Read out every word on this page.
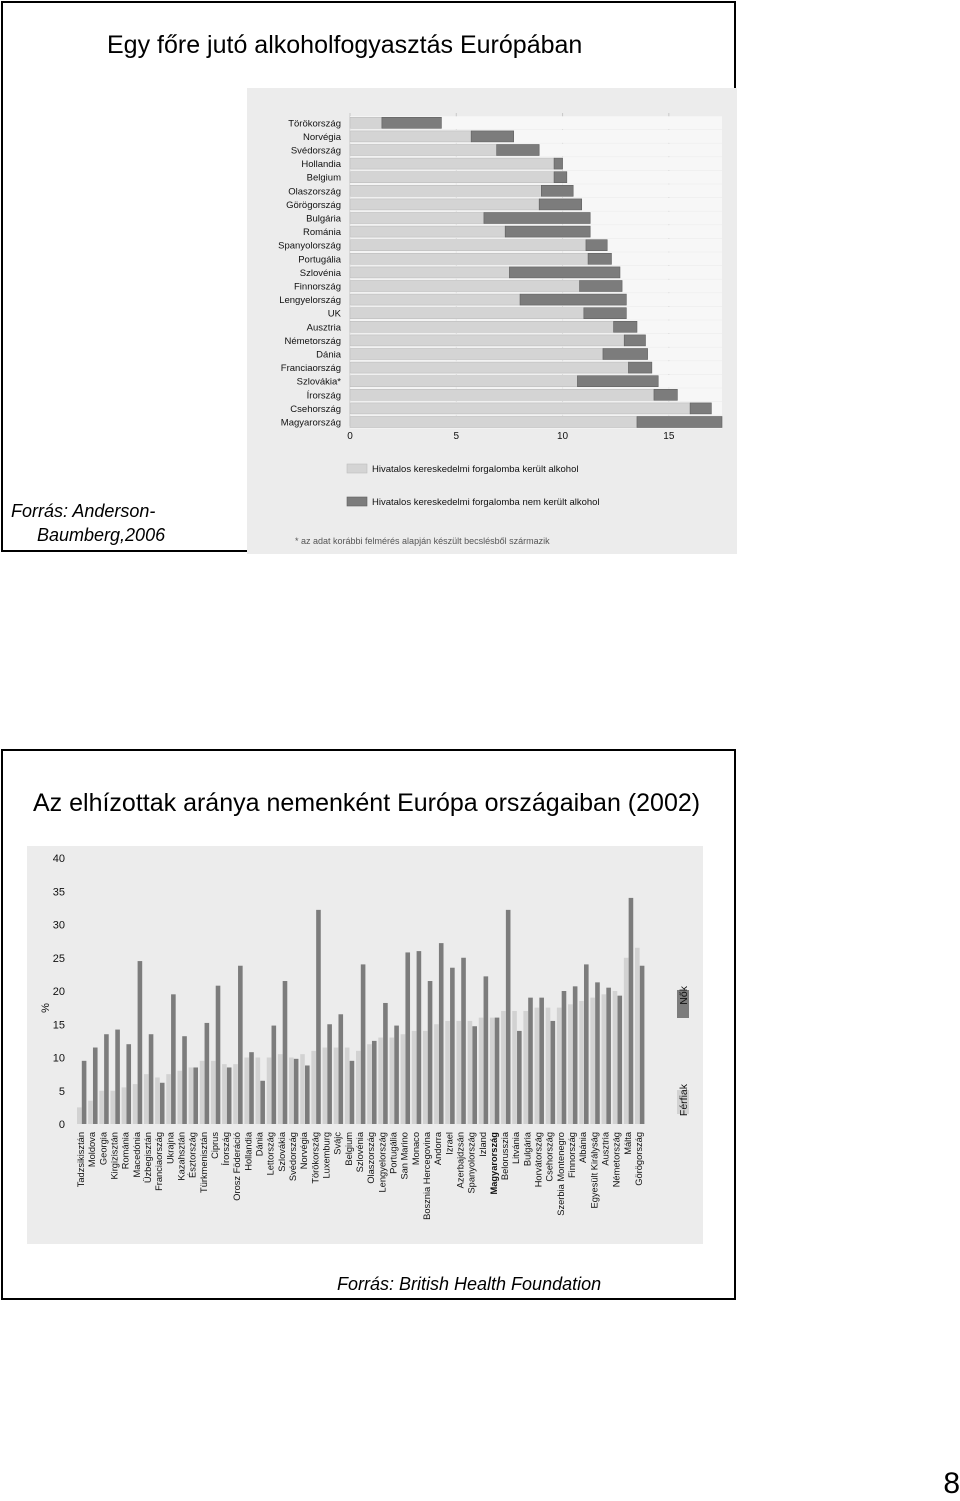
Egy főre jutó alkoholfogyasztás Európában
Törökország
Norvégia
Svédország
Hollandia
Belgium
Olaszország
Görögország
Bulgária
Románia
Spanyolország
Portugália
Szlovénia
Finnország
Lengyelország
UK
Ausztria
Németország
Dánia
Franciaország
Szlovákia*
Írország
Csehország
Magyarország
0	5	10	15
Hivatalos kereskedelmi forgalomba került alkohol
Hivatalos kereskedelmi forgalomba nem került alkohol
* az adat korábbi felmérés alapján készült becslésből származik
Forrás: Anderson-
Baumberg,2006
Az elhízottak aránya nemenként Európa országaiban (2002)
0
5
10
15
20
25
30
35
40
%
Tadzsikisztán Moldova Georgia Kirgizisztán Románia Macedónia Üzbegisztán Franciaország Ukrajna Kazahsztán Észtország Türkmenisztán Ciprus Írország Orosz Föderáció Hollandia Dánia Lettország Szlovákia Svédország Norvégia Törökország Luxemburg Svájc Belgium Szlovénia Olaszország Lengyelország Portugália San Marino Monaco Bosznia Hercegovina Andorra Izrael Azerbajdzsán Spanyolország Izland Magyarország Belorusszia Litvánia Bulgária Horvátország Csehország Szerbia Montenegro Finnország Albánia Egyesült Királyság Ausztria Németország Málta Görögország
Nők
Férfiak
Forrás: British Health Foundation
8
